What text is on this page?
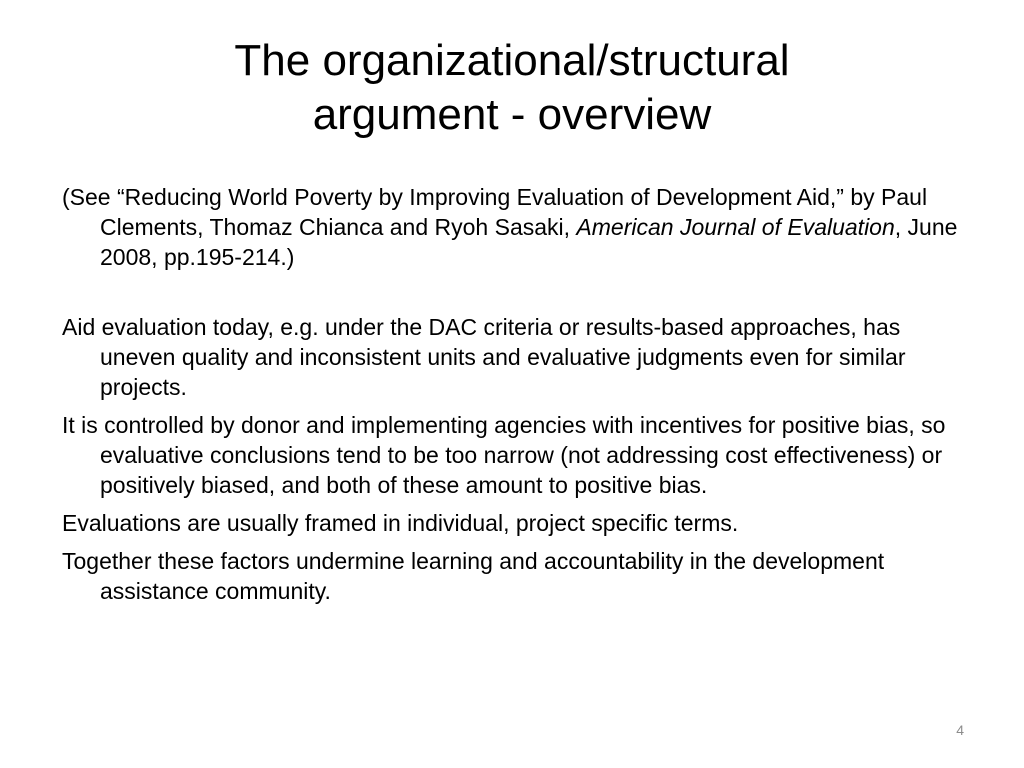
The organizational/structural
argument - overview

(See “Reducing World Poverty by Improving Evaluation of Development Aid,” by Paul Clements, Thomaz Chianca and Ryoh Sasaki, American Journal of Evaluation, June 2008, pp.195-214.)

Aid evaluation today, e.g. under the DAC criteria or results-based approaches, has uneven quality and inconsistent units and evaluative judgments even for similar projects.

It is controlled by donor and implementing agencies with incentives for positive bias, so evaluative conclusions tend to be too narrow (not addressing cost effectiveness) or positively biased, and both of these amount to positive bias.

Evaluations are usually framed in individual, project specific terms.

Together these factors undermine learning and accountability in the development assistance community.

4
